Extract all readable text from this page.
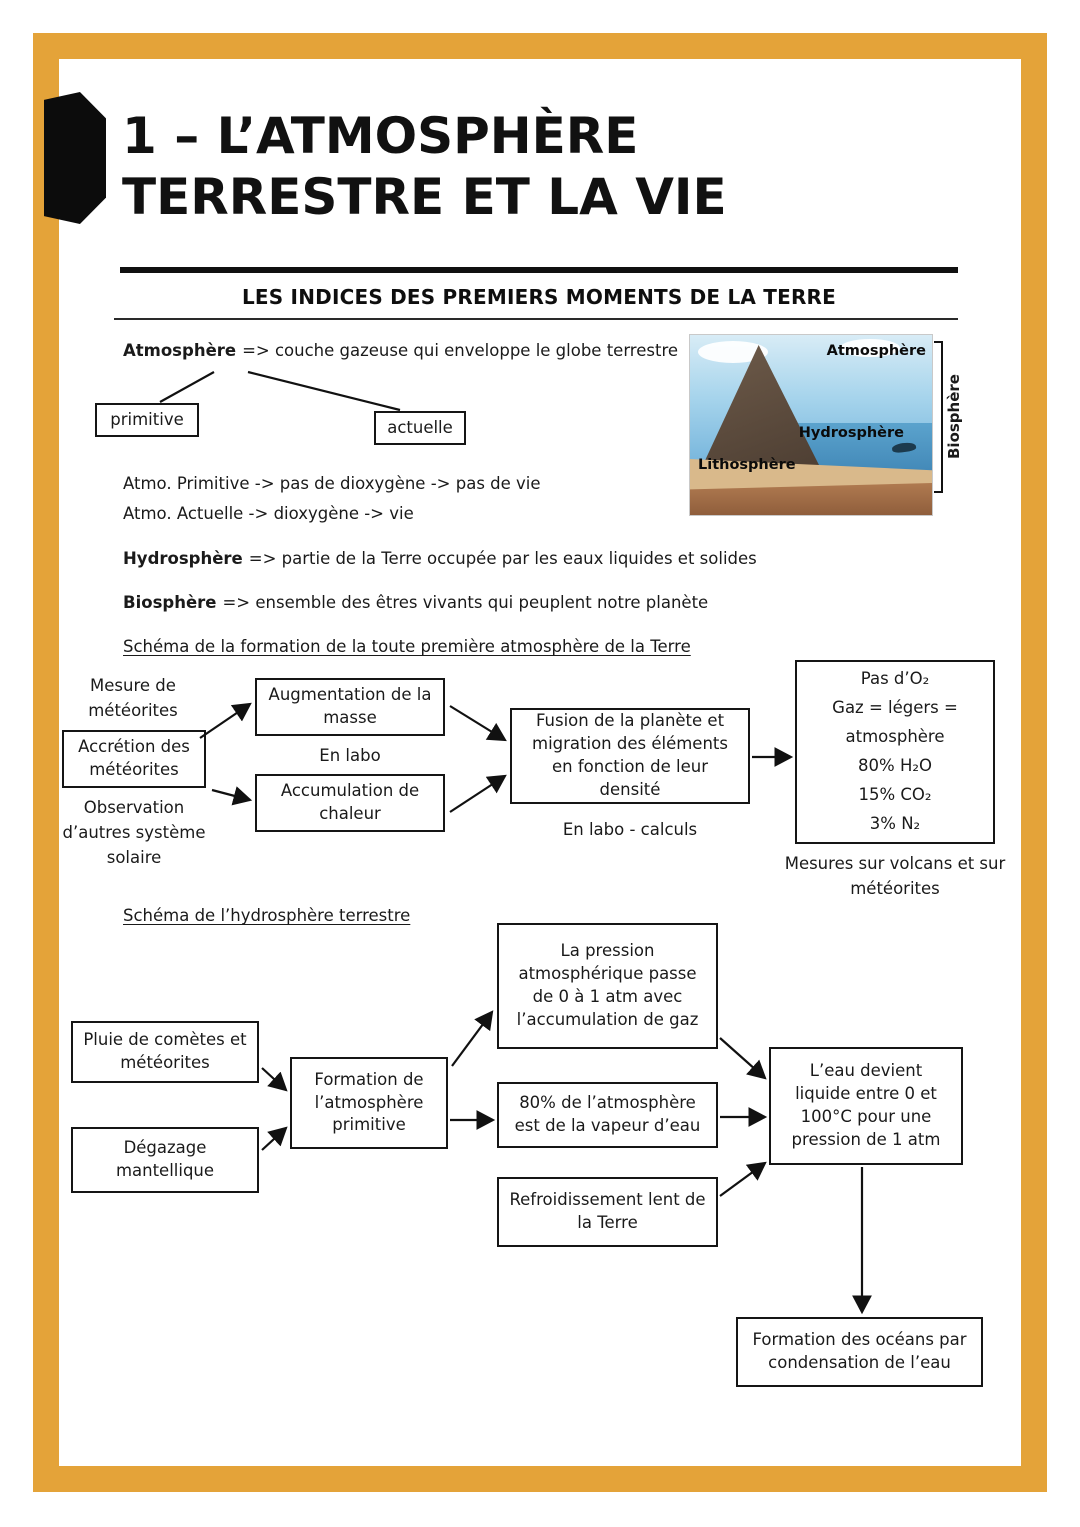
1 – L’ATMOSPHÈRE
TERRESTRE ET LA VIE
LES INDICES DES PREMIERS MOMENTS DE LA TERRE
Atmosphère => couche gazeuse qui enveloppe le globe terrestre
primitive	actuelle
Atmo. Primitive -> pas de dioxygène -> pas de vie
Atmo. Actuelle -> dioxygène -> vie
Hydrosphère => partie de la Terre occupée par les eaux liquides et solides
Biosphère => ensemble des êtres vivants qui peuplent notre planète
Atmosphère
Hydrosphère
Lithosphère
Biosphère
Schéma de la formation de la toute première atmosphère de la Terre
Mesure de météorites
Accrétion des météorites
Observation d’autres système solaire
Augmentation de la masse
En labo
Accumulation de chaleur
Fusion de la planète et migration des éléments en fonction de leur densité
En labo - calculs
Pas d’O₂
Gaz = légers =
atmosphère
80% H₂O
15% CO₂
3% N₂
Mesures sur volcans et sur météorites
Schéma de l’hydrosphère terrestre
La pression atmosphérique passe de 0 à 1 atm avec l’accumulation de gaz
Pluie de comètes et météorites
Formation de l’atmosphère primitive
80% de l’atmosphère est de la vapeur d’eau
Dégazage mantellique
Refroidissement lent de la Terre
L’eau devient liquide entre 0 et 100°C pour une pression de 1 atm
Formation des océans par condensation de l’eau
